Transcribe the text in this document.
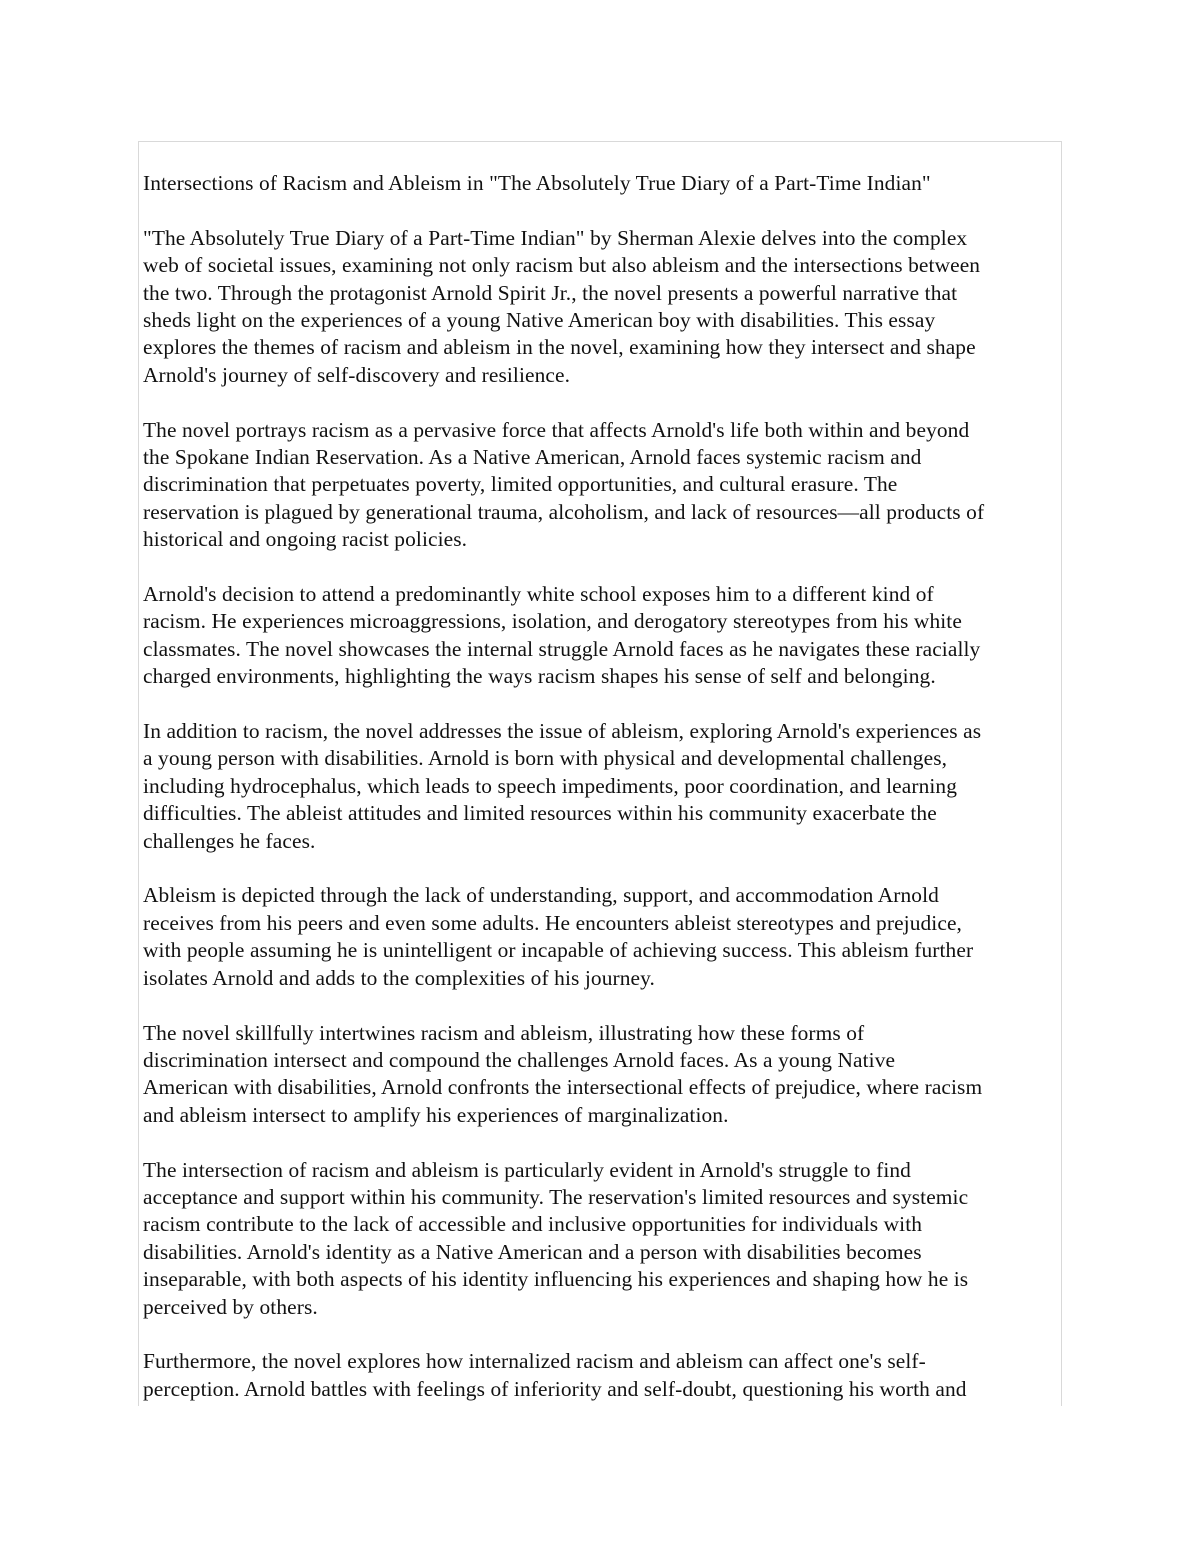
Intersections of Racism and Ableism in "The Absolutely True Diary of a Part-Time Indian"
"The Absolutely True Diary of a Part-Time Indian" by Sherman Alexie delves into the complex
web of societal issues, examining not only racism but also ableism and the intersections between
the two. Through the protagonist Arnold Spirit Jr., the novel presents a powerful narrative that
sheds light on the experiences of a young Native American boy with disabilities. This essay
explores the themes of racism and ableism in the novel, examining how they intersect and shape
Arnold's journey of self-discovery and resilience.
The novel portrays racism as a pervasive force that affects Arnold's life both within and beyond
the Spokane Indian Reservation. As a Native American, Arnold faces systemic racism and
discrimination that perpetuates poverty, limited opportunities, and cultural erasure. The
reservation is plagued by generational trauma, alcoholism, and lack of resources—all products of
historical and ongoing racist policies.
Arnold's decision to attend a predominantly white school exposes him to a different kind of
racism. He experiences microaggressions, isolation, and derogatory stereotypes from his white
classmates. The novel showcases the internal struggle Arnold faces as he navigates these racially
charged environments, highlighting the ways racism shapes his sense of self and belonging.
In addition to racism, the novel addresses the issue of ableism, exploring Arnold's experiences as
a young person with disabilities. Arnold is born with physical and developmental challenges,
including hydrocephalus, which leads to speech impediments, poor coordination, and learning
difficulties. The ableist attitudes and limited resources within his community exacerbate the
challenges he faces.
Ableism is depicted through the lack of understanding, support, and accommodation Arnold
receives from his peers and even some adults. He encounters ableist stereotypes and prejudice,
with people assuming he is unintelligent or incapable of achieving success. This ableism further
isolates Arnold and adds to the complexities of his journey.
The novel skillfully intertwines racism and ableism, illustrating how these forms of
discrimination intersect and compound the challenges Arnold faces. As a young Native
American with disabilities, Arnold confronts the intersectional effects of prejudice, where racism
and ableism intersect to amplify his experiences of marginalization.
The intersection of racism and ableism is particularly evident in Arnold's struggle to find
acceptance and support within his community. The reservation's limited resources and systemic
racism contribute to the lack of accessible and inclusive opportunities for individuals with
disabilities. Arnold's identity as a Native American and a person with disabilities becomes
inseparable, with both aspects of his identity influencing his experiences and shaping how he is
perceived by others.
Furthermore, the novel explores how internalized racism and ableism can affect one's self-
perception. Arnold battles with feelings of inferiority and self-doubt, questioning his worth and
